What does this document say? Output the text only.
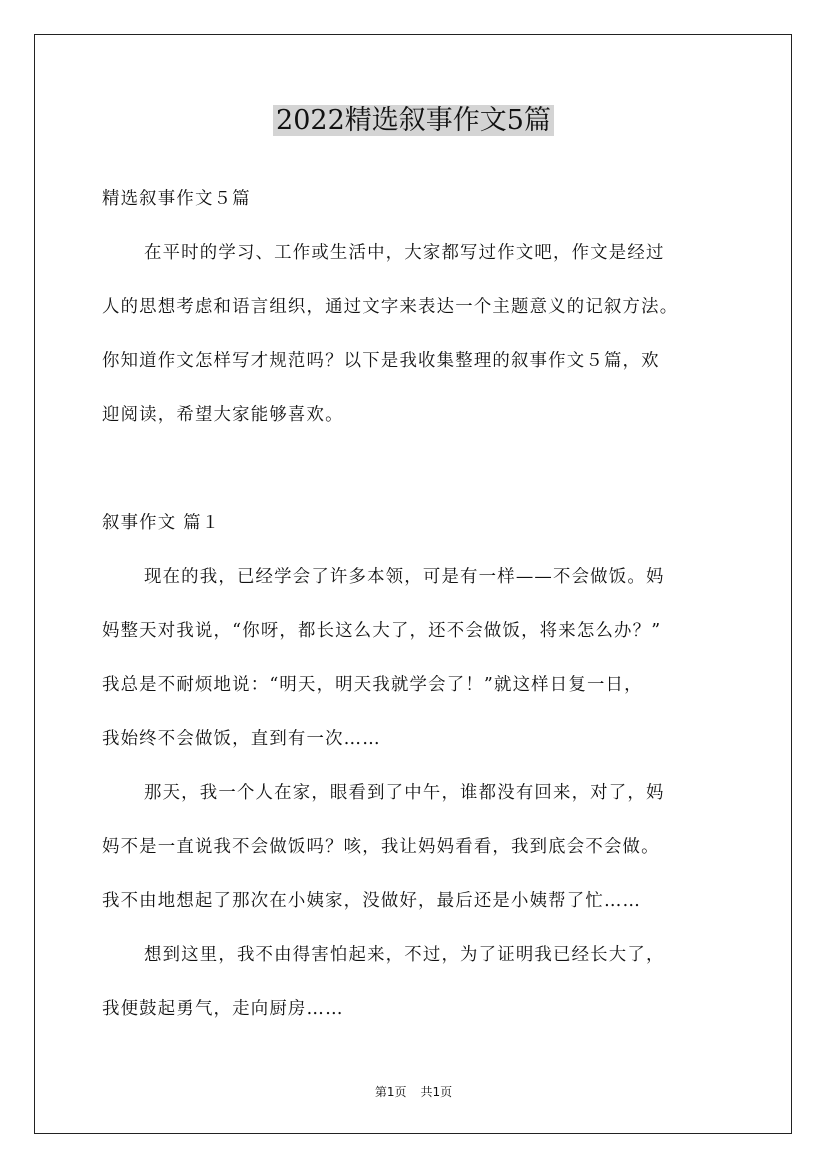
2022精选叙事作文5篇

精选叙事作文５篇

在平时的学习、工作或生活中，大家都写过作文吧，作文是经过
人的思想考虑和语言组织，通过文字来表达一个主题意义的记叙方法。
你知道作文怎样写才规范吗？以下是我收集整理的叙事作文５篇，欢
迎阅读，希望大家能够喜欢。

叙事作文 篇１

现在的我，已经学会了许多本领，可是有一样——不会做饭。妈
妈整天对我说，“你呀，都长这么大了，还不会做饭，将来怎么办？”
我总是不耐烦地说：“明天，明天我就学会了！”就这样日复一日，
我始终不会做饭，直到有一次……

那天，我一个人在家，眼看到了中午，谁都没有回来，对了，妈
妈不是一直说我不会做饭吗？咳，我让妈妈看看，我到底会不会做。
我不由地想起了那次在小姨家，没做好，最后还是小姨帮了忙……

想到这里，我不由得害怕起来，不过，为了证明我已经长大了，
我便鼓起勇气，走向厨房……

第1页 共1页
